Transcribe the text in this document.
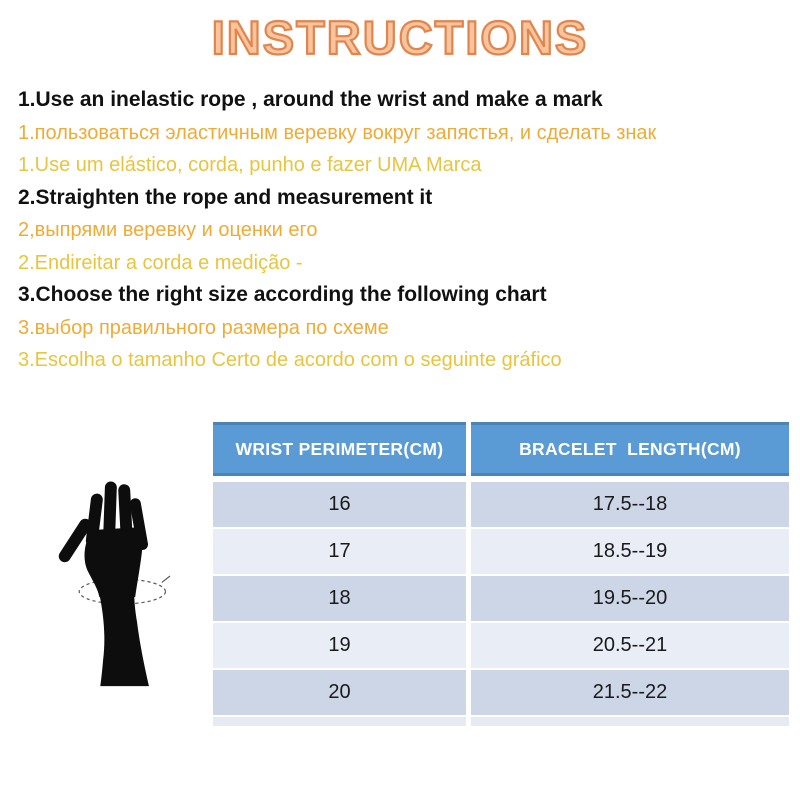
INSTRUCTIONS
1.Use an inelastic rope , around the wrist and make a mark
1.пользоваться эластичным веревку вокруг запястья, и сделать знак
1.Use um elástico, corda, punho e fazer UMA Marca
2.Straighten the rope and measurement it
2,выпрями веревку и оценки его
2.Endireitar a corda e medição -
3.Choose the right size according the following chart
3.выбор правильного размера по схеме
3.Escolha o tamanho Certo de acordo com o seguinte gráfico
WRIST PERIMETER(CM)	BRACELET  LENGTH(CM)
16	17.5--18
17	18.5--19
18	19.5--20
19	20.5--21
20	21.5--22
